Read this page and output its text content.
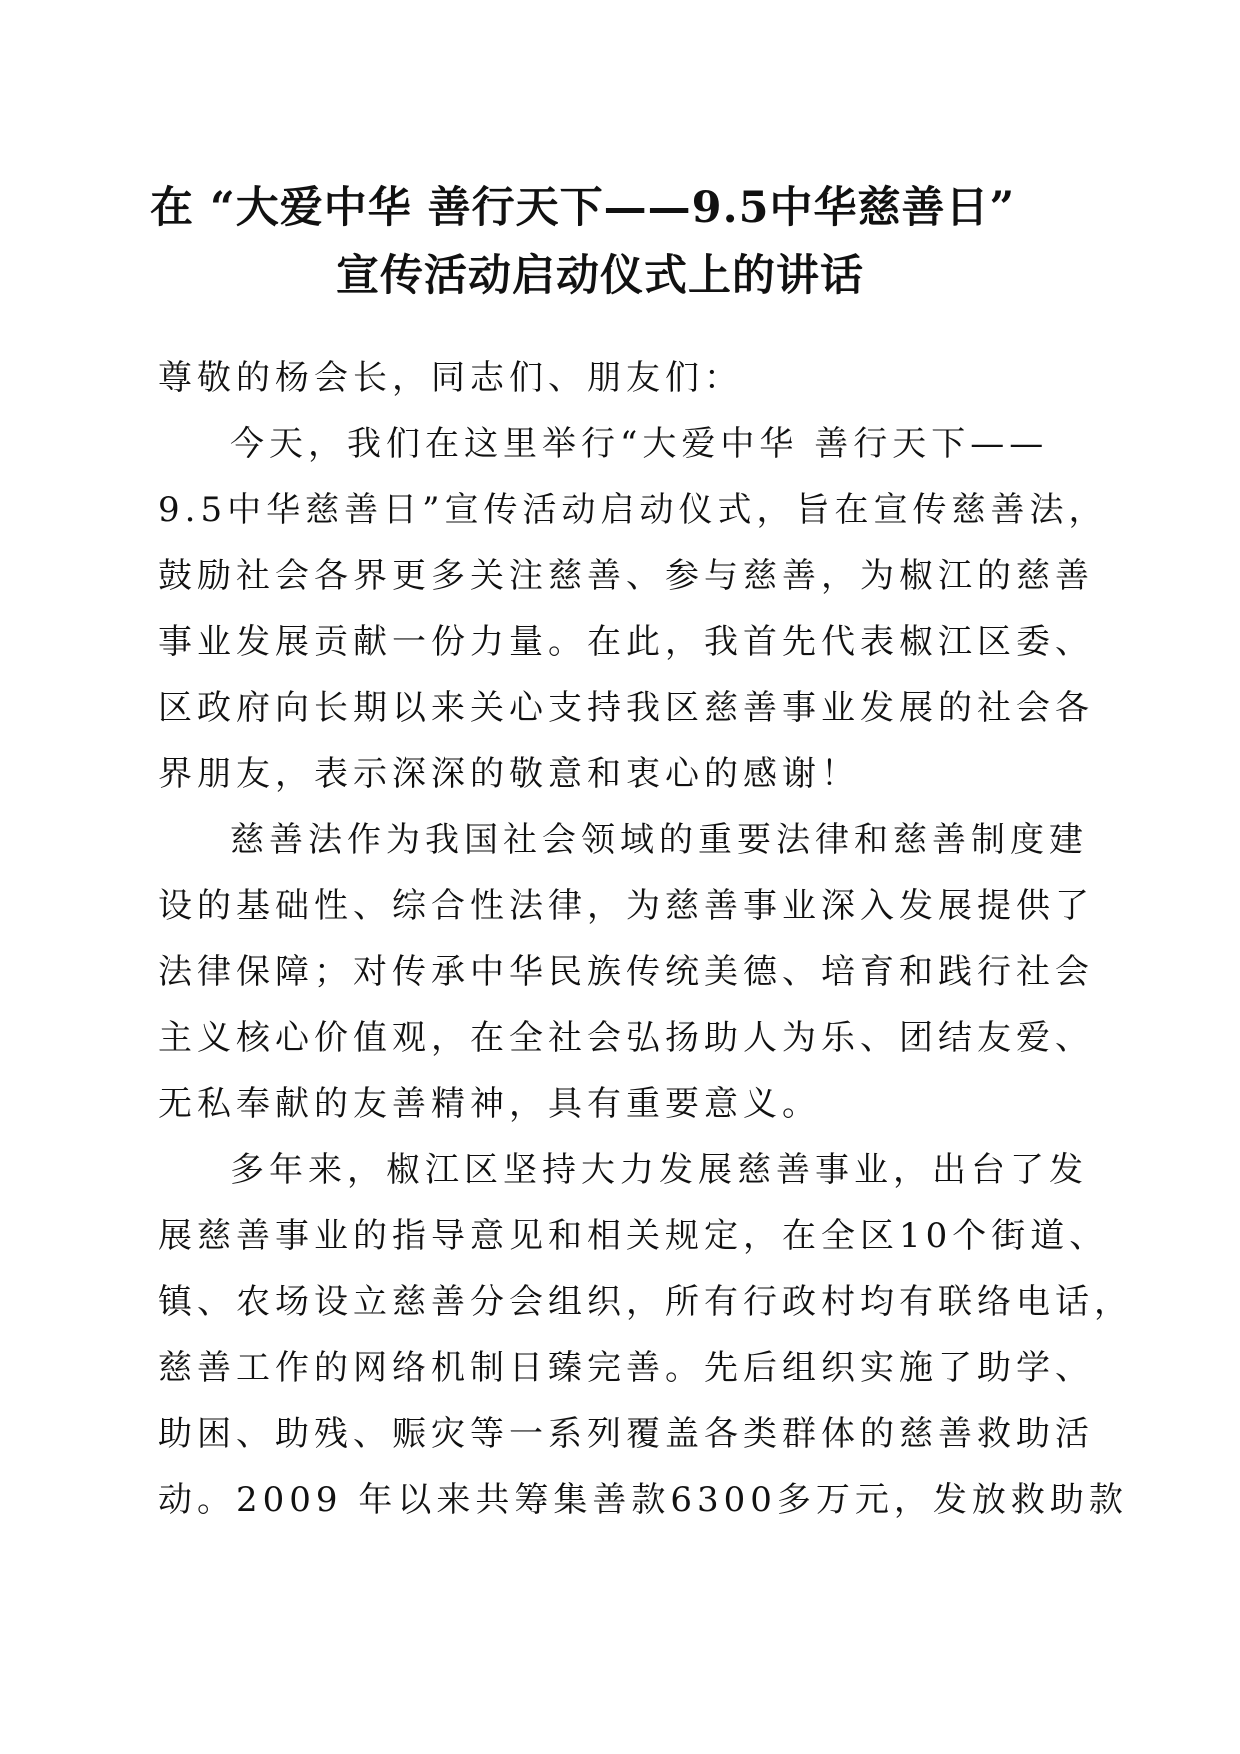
在 “大爱中华 善行天下——9.5中华慈善日”
宣传活动启动仪式上的讲话
尊敬的杨会长，同志们、朋友们：
今天，我们在这里举行“大爱中华 善行天下——
9.5中华慈善日”宣传活动启动仪式，旨在宣传慈善法，
鼓励社会各界更多关注慈善、参与慈善，为椒江的慈善
事业发展贡献一份力量。在此，我首先代表椒江区委、
区政府向长期以来关心支持我区慈善事业发展的社会各
界朋友，表示深深的敬意和衷心的感谢！
慈善法作为我国社会领域的重要法律和慈善制度建
设的基础性、综合性法律，为慈善事业深入发展提供了
法律保障；对传承中华民族传统美德、培育和践行社会
主义核心价值观，在全社会弘扬助人为乐、团结友爱、
无私奉献的友善精神，具有重要意义。
多年来，椒江区坚持大力发展慈善事业，出台了发
展慈善事业的指导意见和相关规定，在全区10个街道、
镇、农场设立慈善分会组织，所有行政村均有联络电话，
慈善工作的网络机制日臻完善。先后组织实施了助学、
助困、助残、赈灾等一系列覆盖各类群体的慈善救助活
动。2009 年以来共筹集善款6300多万元，发放救助款
